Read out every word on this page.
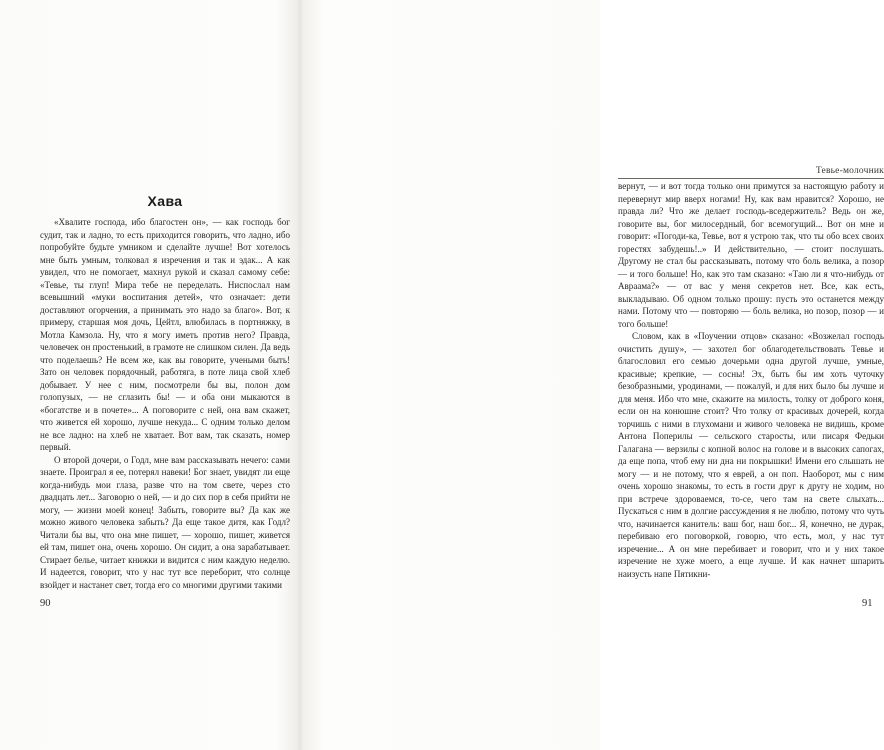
Хава

«Хвалите господа, ибо благостен он», — как господь бог судит, так и ладно, то есть приходится говорить, что ладно, ибо попробуйте будьте умником и сделайте лучше! Вот хотелось мне быть умным, толковал я изречения и так и эдак... А как увидел, что не помогает, махнул рукой и сказал самому себе: «Тевье, ты глуп! Мира тебе не переделать. Ниспослал нам всевышний «муки воспитания детей», что означает: дети доставляют огорчения, а принимать это надо за благо». Вот, к примеру, старшая моя дочь, Цейтл, влюбилась в портняжку, в Мотла Камзола. Ну, что я могу иметь против него? Правда, человечек он простенький, в грамоте не слишком силен. Да ведь что поделаешь? Не всем же, как вы говорите, учеными быть! Зато он человек порядочный, работяга, в поте лица свой хлеб добывает. У нее с ним, посмотрели бы вы, полон дом голопузых, — не сглазить бы! — и оба они мыкаются в «богатстве и в почете»... А поговорите с ней, она вам скажет, что живется ей хорошо, лучше некуда... С одним только делом не все ладно: на хлеб не хватает. Вот вам, так сказать, номер первый.

О второй дочери, о Годл, мне вам рассказывать нечего: сами знаете. Проиграл я ее, потерял навеки! Бог знает, увидят ли еще когда-нибудь мои глаза, разве что на том свете, через сто двадцать лет... Заговорю о ней, — и до сих пор в себя прийти не могу, — жизни моей конец! Забыть, говорите вы? Да как же можно живого человека забыть? Да еще такое дитя, как Годл? Читали бы вы, что она мне пишет, — хорошо, пишет, живется ей там, пишет она, очень хорошо. Он сидит, а она зарабатывает. Стирает белье, читает книжки и видится с ним каждую неделю. И надеется, говорит, что у нас тут все переборит, что солнце взойдет и настанет свет, тогда его со многими другими такими

90
Тевье-молочник

вернут, — и вот тогда только они примутся за настоящую работу и перевернут мир вверх ногами! Ну, как вам нравится? Хорошо, не правда ли? Что же делает господь-вседержитель? Ведь он же, говорите вы, бог милосердный, бог всемогущий... Вот он мне и говорит: «Погоди-ка, Тевье, вот я устрою так, что ты обо всех своих горестях забудешь!..» И действительно, — стоит послушать. Другому не стал бы рассказывать, потому что боль велика, а позор — и того больше! Но, как это там сказано: «Таю ли я что-нибудь от Авраама?» — от вас у меня секретов нет. Все, как есть, выкладываю. Об одном только прошу: пусть это останется между нами. Потому что — повторяю — боль велика, но позор, позор — и того больше!

Словом, как в «Поучении отцов» сказано: «Возжелал господь очистить душу», — захотел бог облагодетельствовать Тевье и благословил его семью дочерьми одна другой лучше, умные, красивые; крепкие, — сосны! Эх, быть бы им хоть чуточку безобразными, уродинами, — пожалуй, и для них было бы лучше и для меня. Ибо что мне, скажите на милость, толку от доброго коня, если он на конюшне стоит? Что толку от красивых дочерей, когда торчишь с ними в глухомани и живого человека не видишь, кроме Антона Поперилы — сельского старосты, или писаря Федьки Галагана — верзилы с копной волос на голове и в высоких сапогах, да еще попа, чтоб ему ни дна ни покрышки! Имени его слышать не могу — и не потому, что я еврей, а он поп. Наоборот, мы с ним очень хорошо знакомы, то есть в гости друг к другу не ходим, но при встрече здороваемся, то-се, чего там на свете слыхать... Пускаться с ним в долгие рассуждения я не люблю, потому что чуть что, начинается канитель: ваш бог, наш бог... Я, конечно, не дурак, перебиваю его поговоркой, говорю, что есть, мол, у нас тут изречение... А он мне перебивает и говорит, что и у них такое изречение не хуже моего, а еще лучше. И как начнет шпарить наизусть напе Пятикни-

91
